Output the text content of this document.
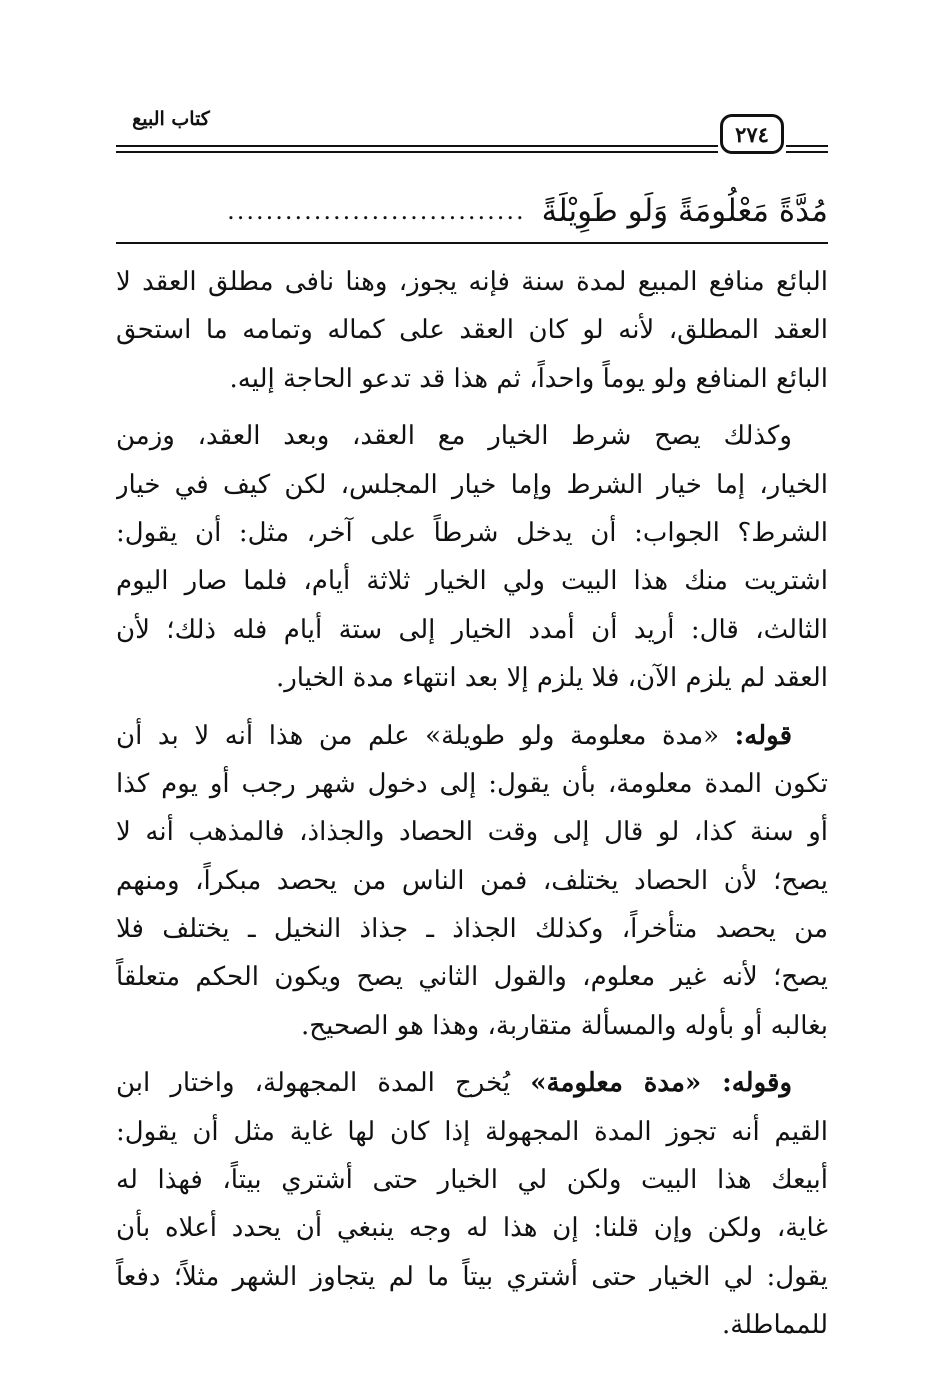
كتاب البيع
٢٧٤
مُدَّةً مَعْلُومَةً وَلَو طَوِيْلَةً
...............................
البائع منافع المبيع لمدة سنة فإنه يجوز، وهنا نافى مطلق العقد لا
العقد المطلق، لأنه لو كان العقد على كماله وتمامه ما استحق
البائع المنافع ولو يوماً واحداً، ثم هذا قد تدعو الحاجة إليه.
وكذلك يصح شرط الخيار مع العقد، وبعد العقد، وزمن
الخيار، إما خيار الشرط وإما خيار المجلس، لكن كيف في خيار
الشرط؟ الجواب: أن يدخل شرطاً على آخر، مثل: أن يقول:
اشتريت منك هذا البيت ولي الخيار ثلاثة أيام، فلما صار اليوم
الثالث، قال: أريد أن أمدد الخيار إلى ستة أيام فله ذلك؛ لأن
العقد لم يلزم الآن، فلا يلزم إلا بعد انتهاء مدة الخيار.
قوله: «مدة معلومة ولو طويلة» علم من هذا أنه لا بد أن
تكون المدة معلومة، بأن يقول: إلى دخول شهر رجب أو يوم كذا
أو سنة كذا، لو قال إلى وقت الحصاد والجذاذ، فالمذهب أنه لا
يصح؛ لأن الحصاد يختلف، فمن الناس من يحصد مبكراً، ومنهم
من يحصد متأخراً، وكذلك الجذاذ ـ جذاذ النخيل ـ يختلف فلا
يصح؛ لأنه غير معلوم، والقول الثاني يصح ويكون الحكم متعلقاً
بغالبه أو بأوله والمسألة متقاربة، وهذا هو الصحيح.
وقوله: «مدة معلومة» يُخرج المدة المجهولة، واختار ابن
القيم أنه تجوز المدة المجهولة إذا كان لها غاية مثل أن يقول:
أبيعك هذا البيت ولكن لي الخيار حتى أشتري بيتاً، فهذا له
غاية، ولكن وإن قلنا: إن هذا له وجه ينبغي أن يحدد أعلاه بأن
يقول: لي الخيار حتى أشتري بيتاً ما لم يتجاوز الشهر مثلاً؛ دفعاً
للمماطلة.
